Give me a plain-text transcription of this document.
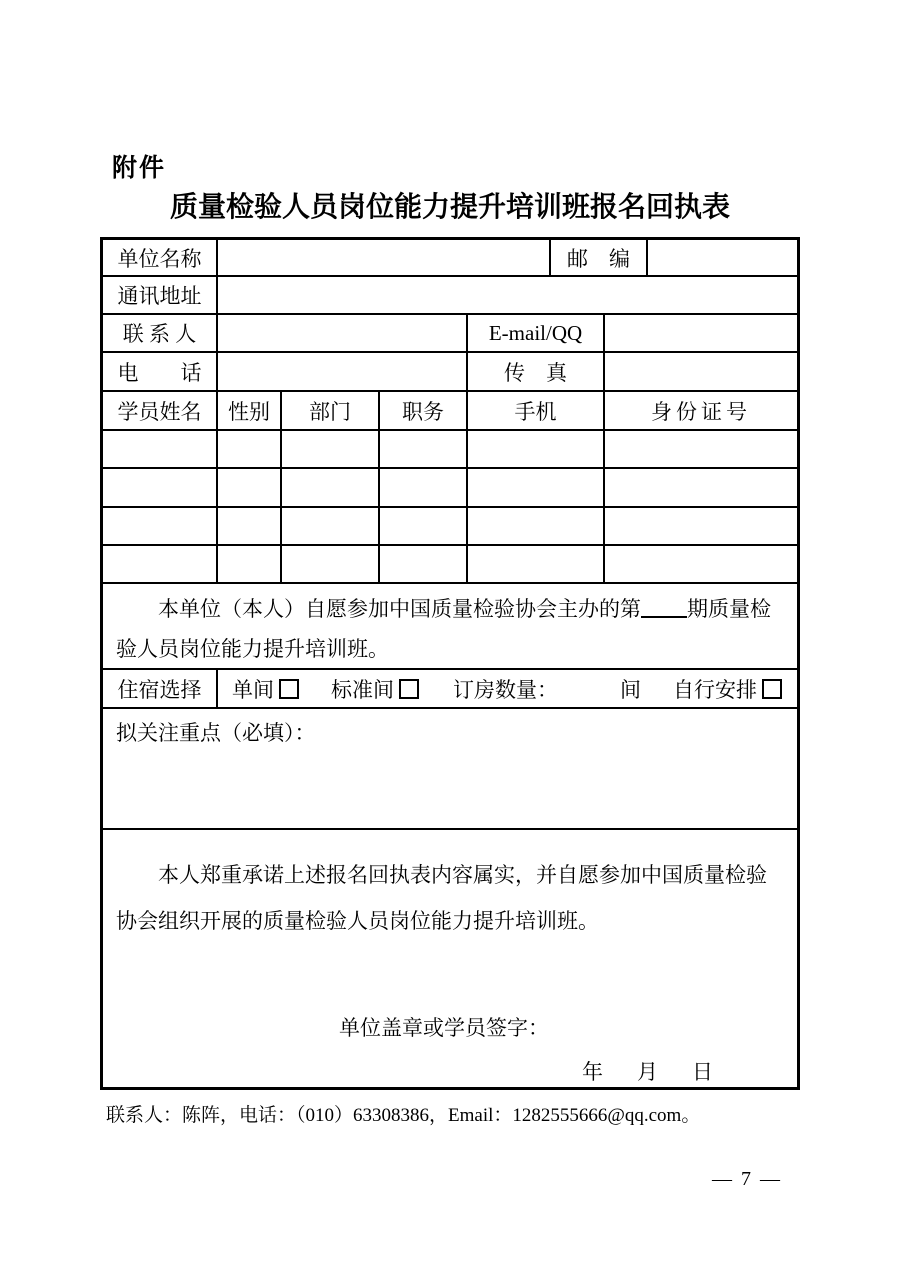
附件
质量检验人员岗位能力提升培训班报名回执表
单位名称	邮　编
通讯地址
联 系 人	E-mail/QQ
电　　话	传　真
学员姓名	性别	部门	职务	手机	身份证号
本单位（本人）自愿参加中国质量检验协会主办的第 期质量检验人员岗位能力提升培训班。
住宿选择	单间	标准间	订房数量：	间 自行安排
拟关注重点（必填）：
本人郑重承诺上述报名回执表内容属实，并自愿参加中国质量检验协会组织开展的质量检验人员岗位能力提升培训班。
单位盖章或学员签字：
年 月 日
联系人：陈阵，电话：（010）63308386，Email：1282555666@qq.com。
— 7 —
